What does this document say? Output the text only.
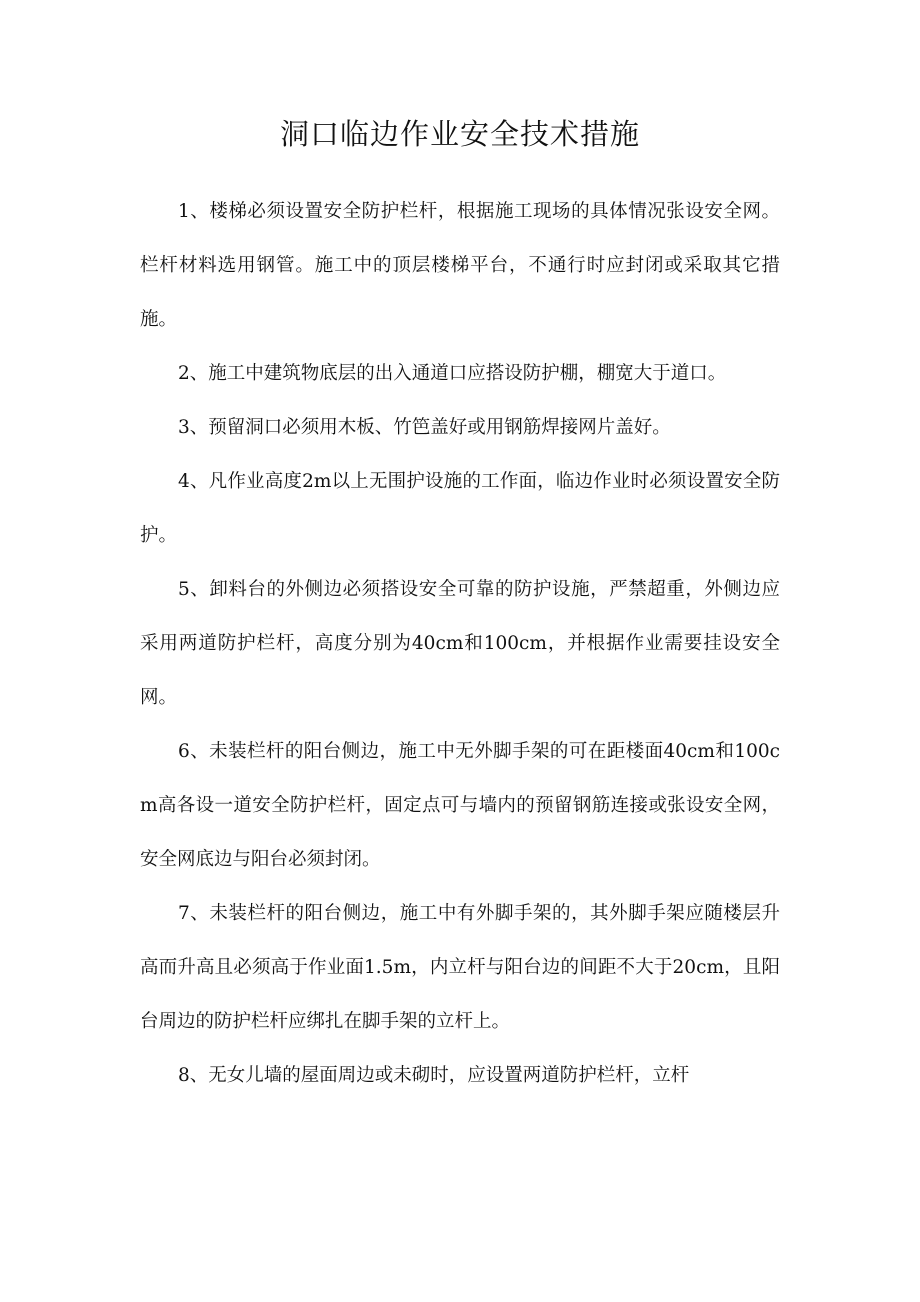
洞口临边作业安全技术措施

1、楼梯必须设置安全防护栏杆，根据施工现场的具体情况张设安全网。栏杆材料选用钢管。施工中的顶层楼梯平台，不通行时应封闭或采取其它措施。

2、施工中建筑物底层的出入通道口应搭设防护棚，棚宽大于道口。

3、预留洞口必须用木板、竹笆盖好或用钢筋焊接网片盖好。

4、凡作业高度2m以上无围护设施的工作面，临边作业时必须设置安全防护。

5、卸料台的外侧边必须搭设安全可靠的防护设施，严禁超重，外侧边应采用两道防护栏杆，高度分别为40cm和100cm，并根据作业需要挂设安全网。

6、未装栏杆的阳台侧边，施工中无外脚手架的可在距楼面40cm和100cm高各设一道安全防护栏杆，固定点可与墙内的预留钢筋连接或张设安全网，安全网底边与阳台必须封闭。

7、未装栏杆的阳台侧边，施工中有外脚手架的，其外脚手架应随楼层升高而升高且必须高于作业面1.5m，内立杆与阳台边的间距不大于20cm，且阳台周边的防护栏杆应绑扎在脚手架的立杆上。

8、无女儿墙的屋面周边或未砌时，应设置两道防护栏杆，立杆
